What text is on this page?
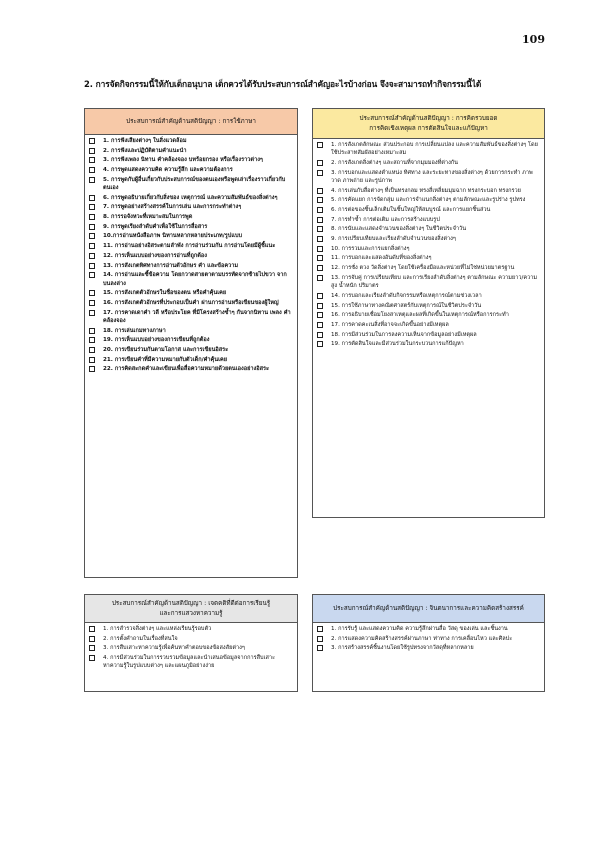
109
2. การจัดกิจกรรมนี้ให้กับเด็กอนุบาล เด็กควรได้รับประสบการณ์สำคัญอะไรบ้างก่อน จึงจะสามารถทำกิจกรรมนี้ได้
ประสบการณ์สำคัญด้านสติปัญญา : การใช้ภาษา
1. การฟังเสียงต่างๆ ในสิ่งแวดล้อม
2. การฟังและปฏิบัติตามคำแนะนำ
3. การฟังเพลง นิทาน คำคล้องจอง บทร้อยกรอง หรือเรื่องราวต่างๆ
4. การพูดแสดงความคิด ความรู้สึก และความต้องการ
5. การพูดกับผู้อื่นเกี่ยวกับประสบการณ์ของตนเองหรือพูดเล่าเรื่องราวเกี่ยวกับตนเอง
6. การพูดอธิบายเกี่ยวกับสิ่งของ เหตุการณ์ และความสัมพันธ์ของสิ่งต่างๆ
7. การพูดอย่างสร้างสรรค์ในการเล่น และการกระทำต่างๆ
8. การรอจังหวะที่เหมาะสมในการพูด
9. การพูดเรียงลำดับคำเพื่อใช้ในการสื่อสาร
10.การอ่านหนังสือภาพ นิทานหลากหลายประเภท/รูปแบบ
11. การอ่านอย่างอิสระตามลำพัง การอ่านร่วมกัน การอ่านโดยมีผู้ชี้แนะ
12. การเห็นแบบอย่างของการอ่านที่ถูกต้อง
13. การสังเกตทิศทางการอ่านตัวอักษร คำ และข้อความ
14. การอ่านและชี้ข้อความ โดยกวาดสายตาตามบรรทัดจากซ้ายไปขวา จากบนลงล่าง
15. การสังเกตตัวอักษรในชื่อของตน หรือคำคุ้นเคย
16. การสังเกตตัวอักษรที่ประกอบเป็นคำ ผ่านการอ่านหรือเขียนของผู้ใหญ่
17. การคาดเดาคำ วลี หรือประโยค ที่มีโครงสร้างซ้ำๆ กันจากนิทาน เพลง คำคล้องจอง
18. การเล่นเกมทางภาษา
19. การเห็นแบบอย่างของการเขียนที่ถูกต้อง
20. การเขียนร่วมกันตามโอกาส และการเขียนอิสระ
21. การเขียนคำที่มีความหมายกับตัวเด็ก/คำคุ้นเคย
22. การคิดสะกดคำและเขียนเพื่อสื่อความหมายด้วยตนเองอย่างอิสระ
ประสบการณ์สำคัญด้านสติปัญญา : การคิดรวบยอด
การคิดเชิงเหตุผล การตัดสินใจและแก้ปัญหา
1. การสังเกตลักษณะ ส่วนประกอบ การเปลี่ยนแปลง และความสัมพันธ์ของสิ่งต่างๆ โดยใช้ประสาทสัมผัสอย่างเหมาะสม
2. การสังเกตสิ่งต่างๆ และสถานที่จากมุมมองที่ต่างกัน
3. การบอกและแสดงตำแหน่ง ทิศทาง และระยะทางของสิ่งต่างๆ ด้วยการกระทำ ภาพวาด ภาพถ่าย และรูปภาพ
4. การเล่นกับสื่อต่างๆ ที่เป็นทรงกลม ทรงสี่เหลี่ยมมุมฉาก ทรงกระบอก ทรงกรวย
5. การคัดแยก การจัดกลุ่ม และการจำแนกสิ่งต่างๆ ตามลักษณะและรูปร่าง รูปทรง
6. การต่อของชิ้นเล็กเติมในชิ้นใหญ่ให้สมบูรณ์ และการแยกชิ้นส่วน
7. การทำซ้ำ การต่อเติม และการสร้างแบบรูป
8. การนับและแสดงจำนวนของสิ่งต่างๆ ในชีวิตประจำวัน
9. การเปรียบเทียบและเรียงลำดับจำนวนของสิ่งต่างๆ
10. การรวมและการแยกสิ่งต่างๆ
11. การบอกและแสดงอันดับที่ของสิ่งต่างๆ
12. การชั่ง ตวง วัดสิ่งต่างๆ โดยใช้เครื่องมือและหน่วยที่ไม่ใช่หน่วยมาตรฐาน
13. การจับคู่ การเปรียบเทียบ และการเรียงลำดับสิ่งต่างๆ ตามลักษณะ ความยาว/ความสูง น้ำหนัก ปริมาตร
14. การบอกและเรียงลำดับกิจกรรมหรือเหตุการณ์ตามช่วงเวลา
15. การใช้ภาษาทางคณิตศาสตร์กับเหตุการณ์ในชีวิตประจำวัน
16. การอธิบายเชื่อมโยงสาเหตุและผลที่เกิดขึ้นในเหตุการณ์หรือการกระทำ
17. การคาดคะเนสิ่งที่อาจจะเกิดขึ้นอย่างมีเหตุผล
18. การมีส่วนร่วมในการลงความเห็นจากข้อมูลอย่างมีเหตุผล
19. การตัดสินใจและมีส่วนร่วมในกระบวนการแก้ปัญหา
ประสบการณ์สำคัญด้านสติปัญญา : เจตคติที่ดีต่อการเรียนรู้
และการแสวงหาความรู้
1. การสำรวจสิ่งต่างๆ และแหล่งเรียนรู้รอบตัว
2. การตั้งคำถามในเรื่องที่สนใจ
3. การสืบเสาะหาความรู้เพื่อค้นหาคำตอบของข้อสงสัยต่างๆ
4. การมีส่วนร่วมในการรวบรวมข้อมูลและนำเสนอข้อมูลจากการสืบเสาะหาความรู้ในรูปแบบต่างๆ และแผนภูมิอย่างง่าย
ประสบการณ์สำคัญด้านสติปัญญา : จินตนาการและความคิดสร้างสรรค์
1. การรับรู้ และแสดงความคิด ความรู้สึกผ่านสื่อ วัสดุ ของเล่น และชิ้นงาน
2. การแสดงความคิดสร้างสรรค์ผ่านภาษา ท่าทาง การเคลื่อนไหว และศิลปะ
3. การสร้างสรรค์ชิ้นงานโดยใช้รูปทรงจากวัสดุที่หลากหลาย
